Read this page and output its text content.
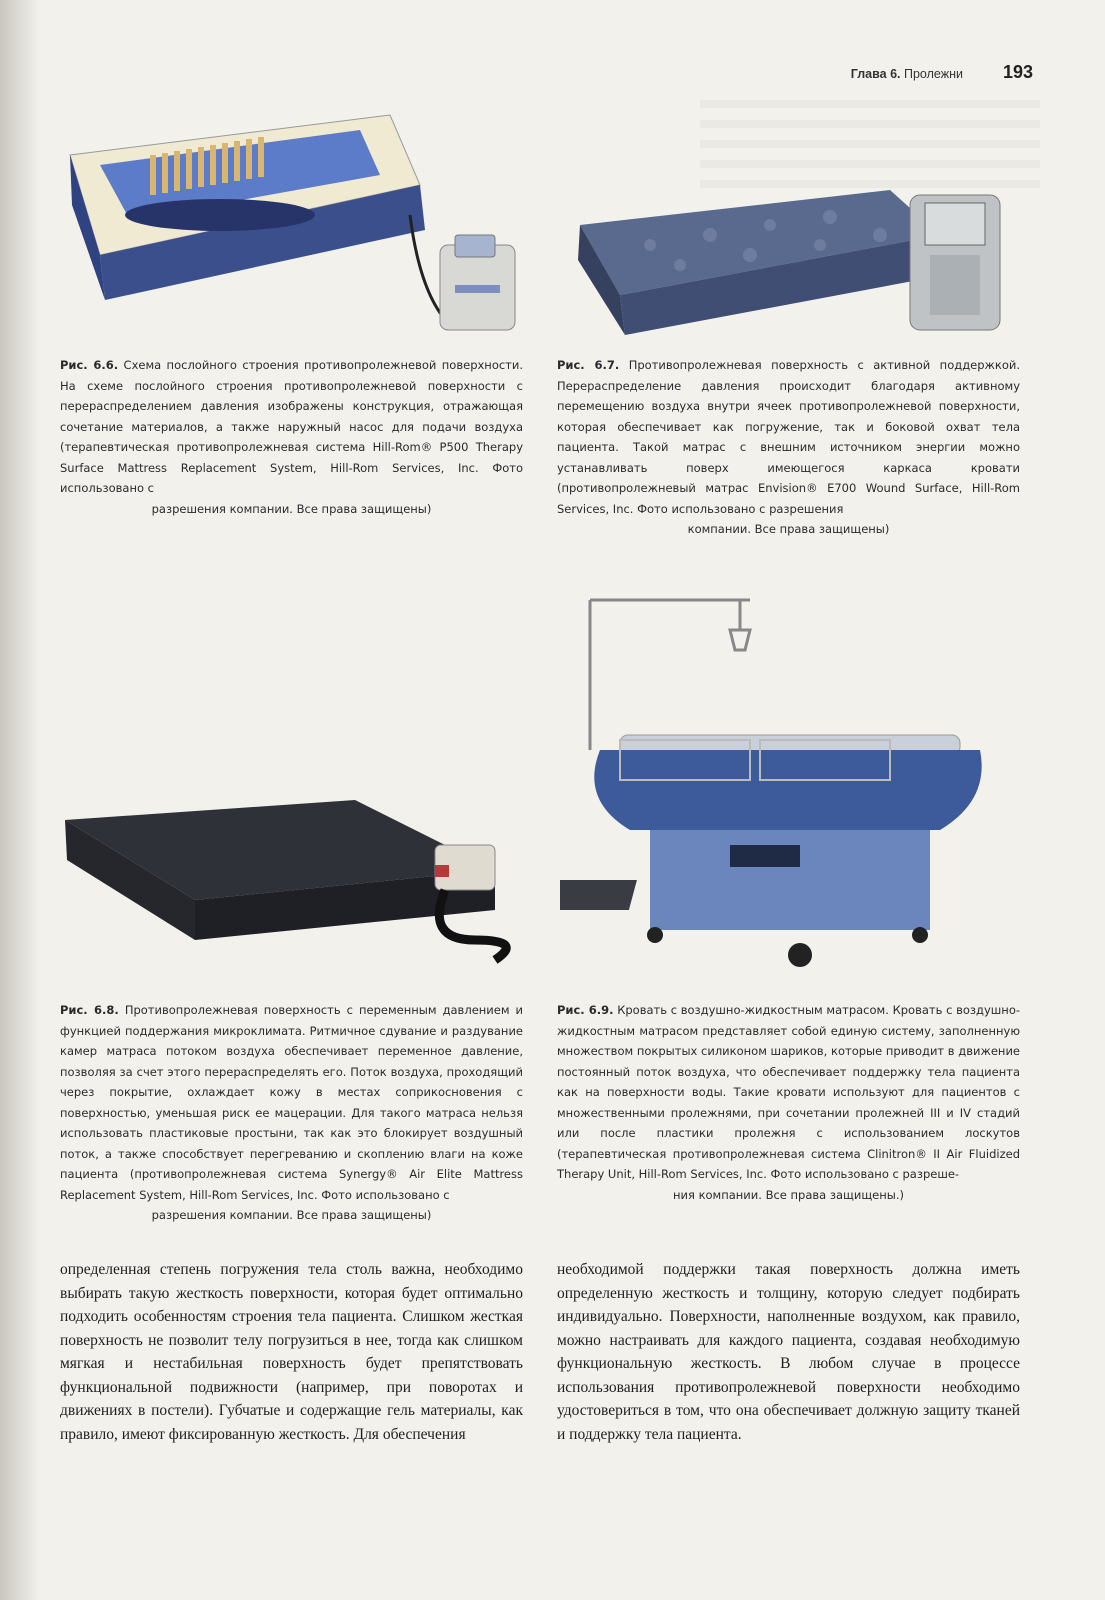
Глава 6. Пролежни 193
Рис. 6.6. Схема послойного строения противопролежневой поверхности. На схеме послойного строения противопролежневой поверхности с перераспределением давления изображены конструкция, отражающая сочетание материалов, а также наружный насос для подачи воздуха (терапевтическая противопролежневая система Hill-Rom® P500 Therapy Surface Mattress Replacement System, Hill-Rom Services, Inc. Фото использовано с
разрешения компании. Все права защищены)
Рис. 6.7. Противопролежневая поверхность с активной поддержкой. Перераспределение давления происходит благодаря активному перемещению воздуха внутри ячеек противопролежневой поверхности, которая обеспечивает как погружение, так и боковой охват тела пациента. Такой матрас с внешним источником энергии можно устанавливать поверх имеющегося каркаса кровати (противопролежневый матрас Envision® E700 Wound Surface, Hill-Rom Services, Inc. Фото использовано с разрешения
компании. Все права защищены)
Рис. 6.8. Противопролежневая поверхность с переменным давлением и функцией поддержания микроклимата. Ритмичное сдувание и раздувание камер матраса потоком воздуха обеспечивает переменное давление, позволяя за счет этого перераспределять его. Поток воздуха, проходящий через покрытие, охлаждает кожу в местах соприкосновения с поверхностью, уменьшая риск ее мацерации. Для такого матраса нельзя использовать пластиковые простыни, так как это блокирует воздушный поток, а также способствует перегреванию и скоплению влаги на коже пациента (противопролежневая система Synergy® Air Elite Mattress Replacement System, Hill-Rom Services, Inc. Фото использовано с
разрешения компании. Все права защищены)
Рис. 6.9. Кровать с воздушно-жидкостным матрасом. Кровать с воздушно-жидкостным матрасом представляет собой единую систему, заполненную множеством покрытых силиконом шариков, которые приводит в движение постоянный поток воздуха, что обеспечивает поддержку тела пациента как на поверхности воды. Такие кровати используют для пациентов с множественными пролежнями, при сочетании пролежней III и IV стадий или после пластики пролежня с использованием лоскутов (терапевтическая противопролежневая система Clinitron® II Air Fluidized Therapy Unit, Hill-Rom Services, Inc. Фото использовано с разреше-
ния компании. Все права защищены.)
определенная степень погружения тела столь важна, необходимо выбирать такую жесткость поверхности, которая будет оптимально подходить особенностям строения тела пациента. Слишком жесткая поверхность не позволит телу погрузиться в нее, тогда как слишком мягкая и нестабильная поверхность будет препятствовать функциональной подвижности (например, при поворотах и движениях в постели). Губчатые и содержащие гель материалы, как правило, имеют фиксированную жесткость. Для обеспечения
необходимой поддержки такая поверхность должна иметь определенную жесткость и толщину, которую следует подбирать индивидуально. Поверхности, наполненные воздухом, как правило, можно настраивать для каждого пациента, создавая необходимую функциональную жесткость. В любом случае в процессе использования противопролежневой поверхности необходимо удостовериться в том, что она обеспечивает должную защиту тканей и поддержку тела пациента.
